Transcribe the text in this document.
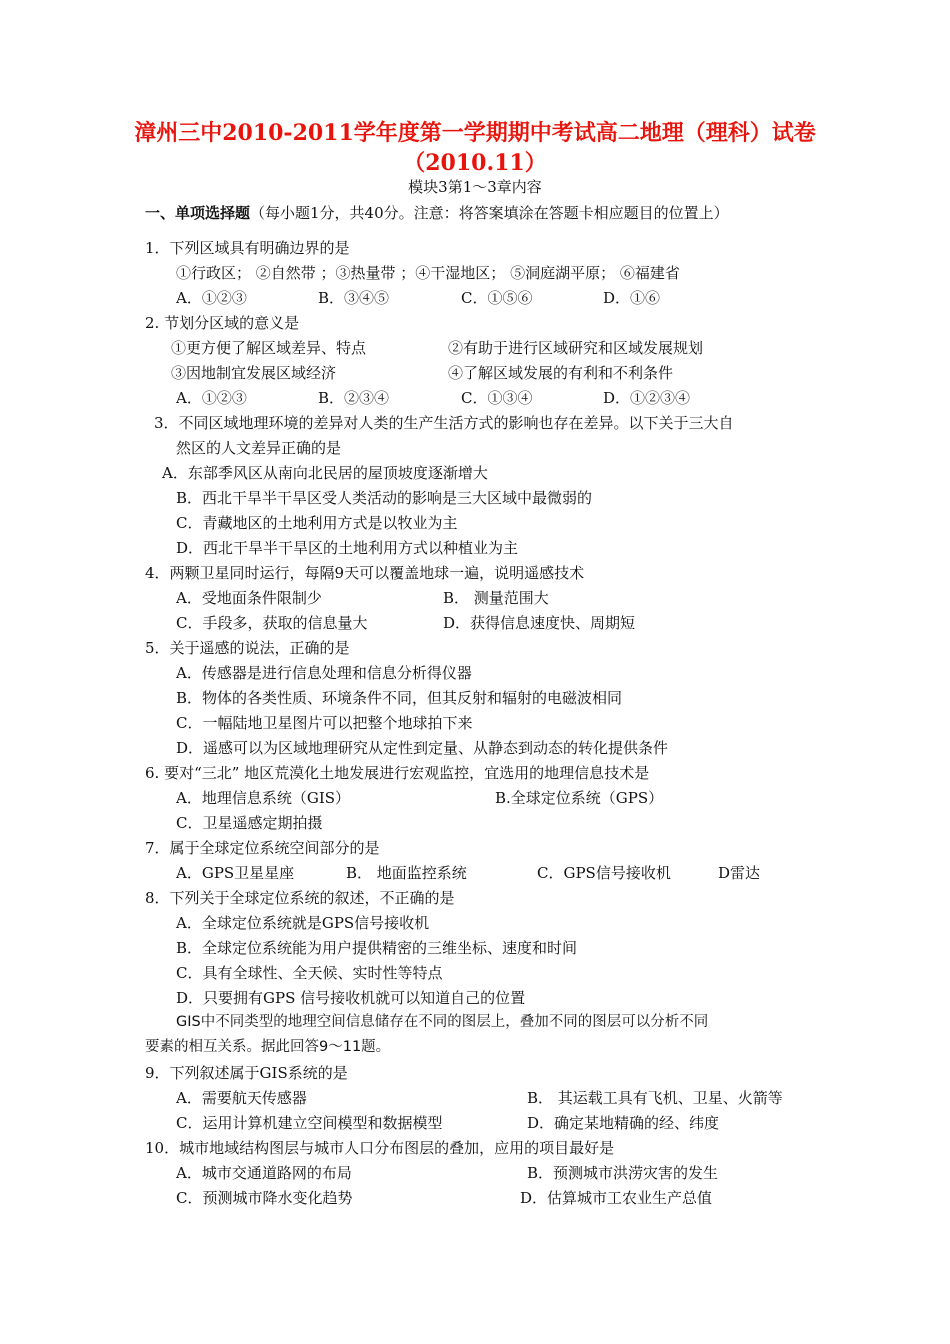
漳州三中2010-2011学年度第一学期期中考试高二地理（理科）试卷（2010.11）
模块3第1～3章内容
一、单项选择题（每小题1分，共40分。注意：将答案填涂在答题卡相应题目的位置上）
1．下列区域具有明确边界的是
①行政区； ②自然带 ；③热量带 ；④干湿地区； ⑤洞庭湖平原； ⑥福建省
A．①②③	B．③④⑤	C．①⑤⑥	D．①⑥
2. 节划分区域的意义是
①更方便了解区域差异、特点	②有助于进行区域研究和区域发展规划
③因地制宜发展区域经济	④了解区域发展的有利和不利条件
A．①②③	B．②③④	C．①③④	D．①②③④
3．不同区域地理环境的差异对人类的生产生活方式的影响也存在差异。以下关于三大自
然区的人文差异正确的是
A．东部季风区从南向北民居的屋顶坡度逐渐增大
B．西北干旱半干旱区受人类活动的影响是三大区域中最微弱的
C．青藏地区的土地利用方式是以牧业为主
D．西北干旱半干旱区的土地利用方式以种植业为主
4．两颗卫星同时运行，每隔9天可以覆盖地球一遍，说明遥感技术
A．受地面条件限制少	B． 测量范围大
C．手段多，获取的信息量大	D．获得信息速度快、周期短
5．关于遥感的说法，正确的是
A．传感器是进行信息处理和信息分析得仪器
B．物体的各类性质、环境条件不同，但其反射和辐射的电磁波相同
C．一幅陆地卫星图片可以把整个地球拍下来
D．遥感可以为区域地理研究从定性到定量、从静态到动态的转化提供条件
6. 要对“三北” 地区荒漠化土地发展进行宏观监控，宜选用的地理信息技术是
A．地理信息系统（GIS）	B.全球定位系统（GPS）
C．卫星遥感定期拍摄
7．属于全球定位系统空间部分的是
A．GPS卫星星座	B． 地面监控系统	C．GPS信号接收机	D雷达
8．下列关于全球定位系统的叙述，不正确的是
A．全球定位系统就是GPS信号接收机
B．全球定位系统能为用户提供精密的三维坐标、速度和时间
C．具有全球性、全天候、实时性等特点
D．只要拥有GPS 信号接收机就可以知道自己的位置
GIS中不同类型的地理空间信息储存在不同的图层上，叠加不同的图层可以分析不同
要素的相互关系。据此回答9～11题。
9．下列叙述属于GIS系统的是
A．需要航天传感器	B． 其运载工具有飞机、卫星、火箭等
C．运用计算机建立空间模型和数据模型	D．确定某地精确的经、纬度
10．城市地域结构图层与城市人口分布图层的叠加，应用的项目最好是
A．城市交通道路网的布局	B．预测城市洪涝灾害的发生
C．预测城市降水变化趋势	D．估算城市工农业生产总值
